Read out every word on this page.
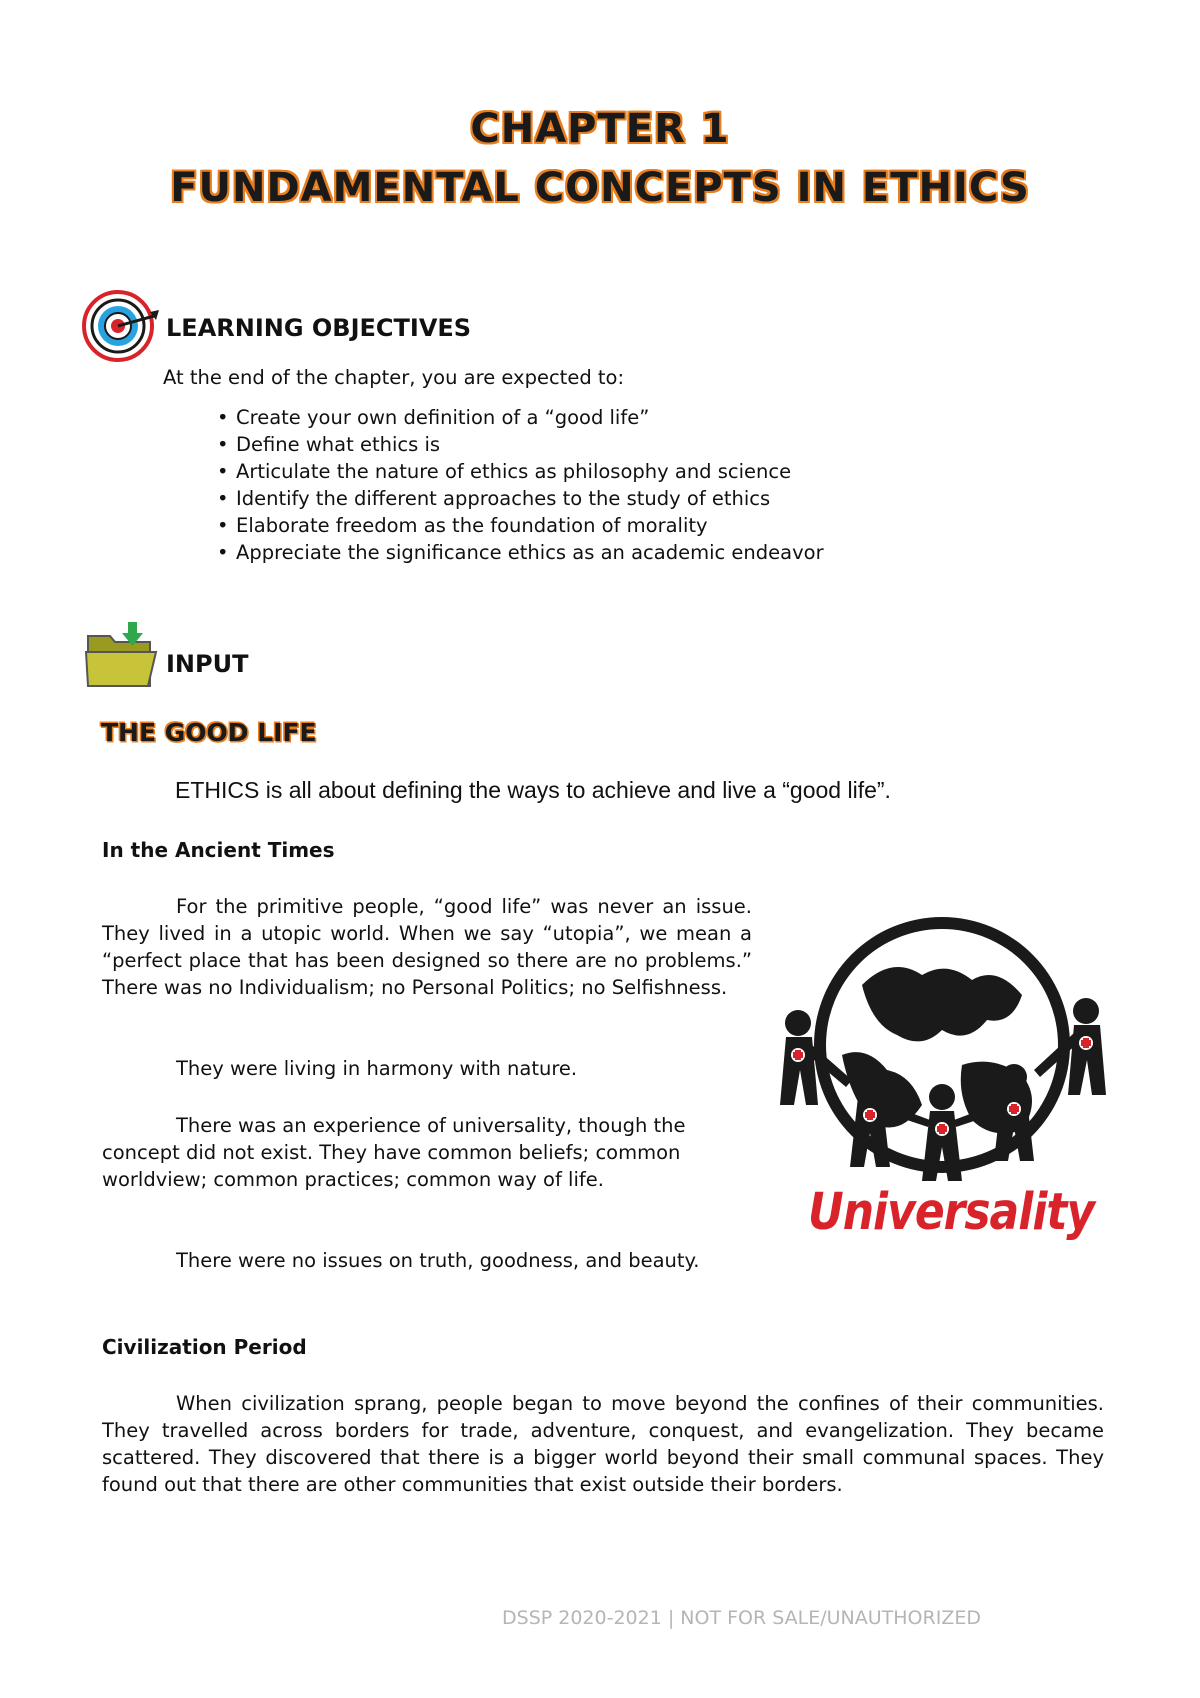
CHAPTER 1
FUNDAMENTAL CONCEPTS IN ETHICS
LEARNING OBJECTIVES
At the end of the chapter, you are expected to:
• Create your own definition of a “good life”
• Define what ethics is
• Articulate the nature of ethics as philosophy and science
• Identify the different approaches to the study of ethics
• Elaborate freedom as the foundation of morality
• Appreciate the significance ethics as an academic endeavor
INPUT
THE GOOD LIFE
ETHICS is all about defining the ways to achieve and live a “good life”.
In the Ancient Times

For the primitive people, “good life” was never an issue. They lived in a utopic world. When we say “utopia”, we mean a “perfect place that has been designed so there are no problems.” There was no Individualism; no Personal Politics; no Selfishness.

They were living in harmony with nature.

There was an experience of universality, though the concept did not exist. They have common beliefs; common worldview; common practices; common way of life.

There were no issues on truth, goodness, and beauty.

Universality
Civilization Period

When civilization sprang, people began to move beyond the confines of their communities. They travelled across borders for trade, adventure, conquest, and evangelization. They became scattered. They discovered that there is a bigger world beyond their small communal spaces. They found out that there are other communities that exist outside their borders.

DSSP 2020-2021 | NOT FOR SALE/UNAUTHORIZED
